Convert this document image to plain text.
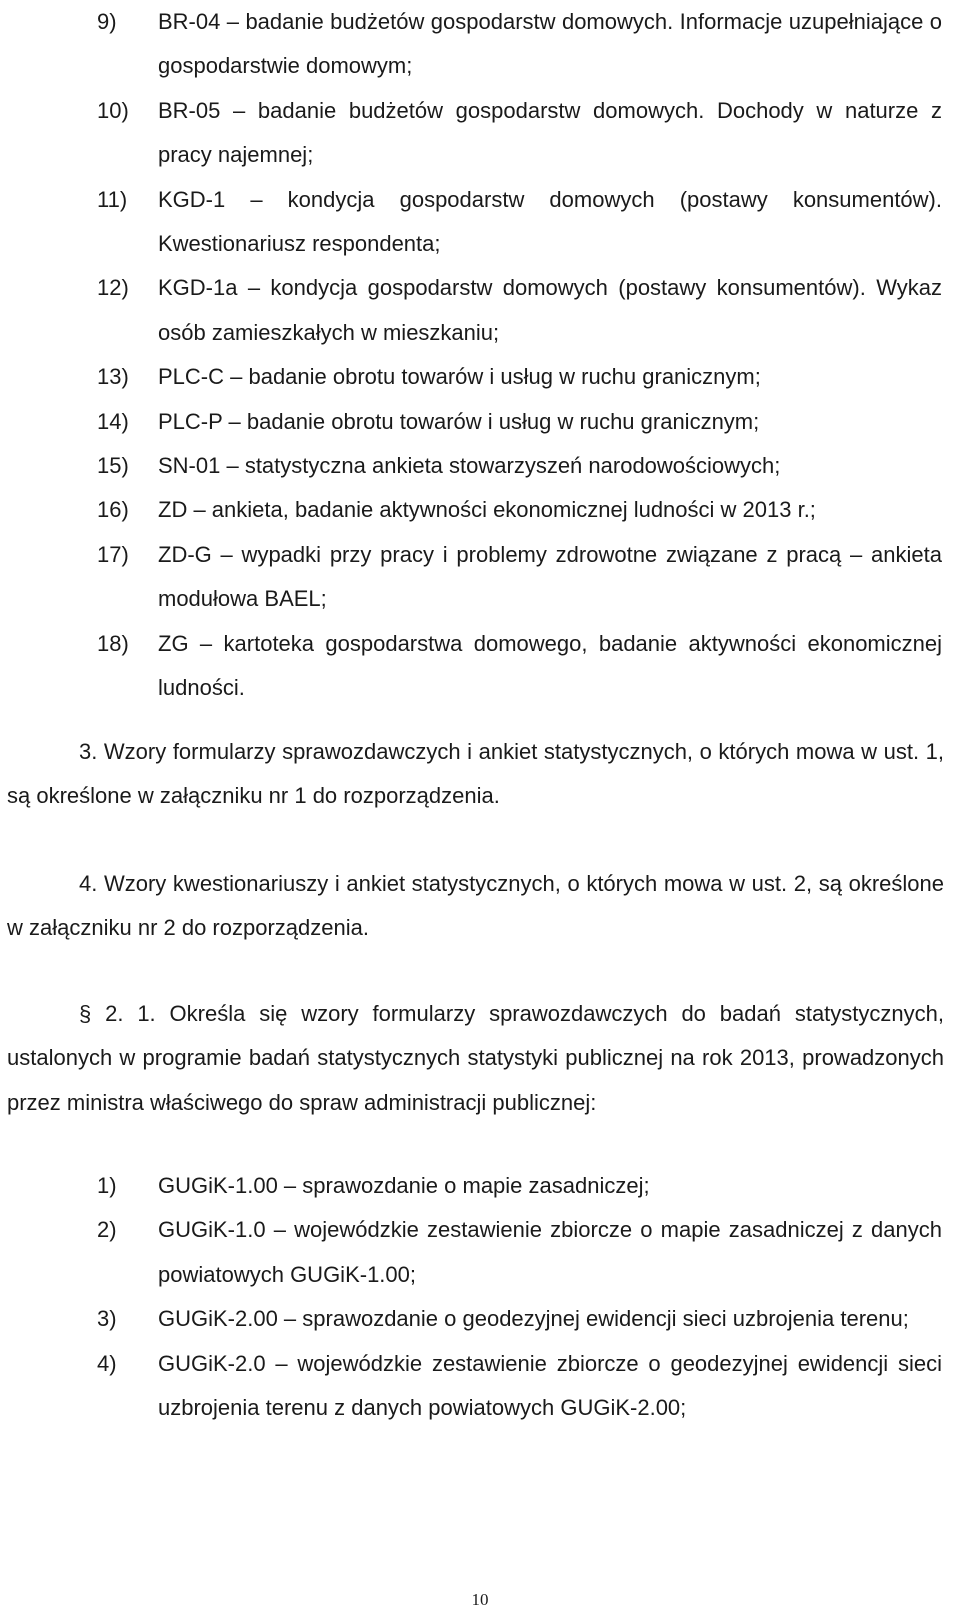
9) BR-04 – badanie budżetów gospodarstw domowych. Informacje uzupełniające o gospodarstwie domowym;
10) BR-05 – badanie budżetów gospodarstw domowych. Dochody w naturze z pracy najemnej;
11) KGD-1 – kondycja gospodarstw domowych (postawy konsumentów). Kwestionariusz respondenta;
12) KGD-1a – kondycja gospodarstw domowych (postawy konsumentów). Wykaz osób zamieszkałych w mieszkaniu;
13) PLC-C – badanie obrotu towarów i usług w ruchu granicznym;
14) PLC-P – badanie obrotu towarów i usług w ruchu granicznym;
15) SN-01 – statystyczna ankieta stowarzyszeń narodowościowych;
16) ZD – ankieta, badanie aktywności ekonomicznej ludności w 2013 r.;
17) ZD-G – wypadki przy pracy i problemy zdrowotne związane z pracą – ankieta modułowa BAEL;
18) ZG – kartoteka gospodarstwa domowego, badanie aktywności ekonomicznej ludności.
3. Wzory formularzy sprawozdawczych i ankiet statystycznych, o których mowa w ust. 1, są określone w załączniku nr 1 do rozporządzenia.
4. Wzory kwestionariuszy i ankiet statystycznych, o których mowa w ust. 2, są określone w załączniku nr 2 do rozporządzenia.
§ 2. 1. Określa się wzory formularzy sprawozdawczych do badań statystycznych, ustalonych w programie badań statystycznych statystyki publicznej na rok 2013, prowadzonych przez ministra właściwego do spraw administracji publicznej:
1) GUGiK-1.00 – sprawozdanie o mapie zasadniczej;
2) GUGiK-1.0 – wojewódzkie zestawienie zbiorcze o mapie zasadniczej z danych powiatowych GUGiK-1.00;
3) GUGiK-2.00 – sprawozdanie o geodezyjnej ewidencji sieci uzbrojenia terenu;
4) GUGiK-2.0 – wojewódzkie zestawienie zbiorcze o geodezyjnej ewidencji sieci uzbrojenia terenu z danych powiatowych GUGiK-2.00;
10
